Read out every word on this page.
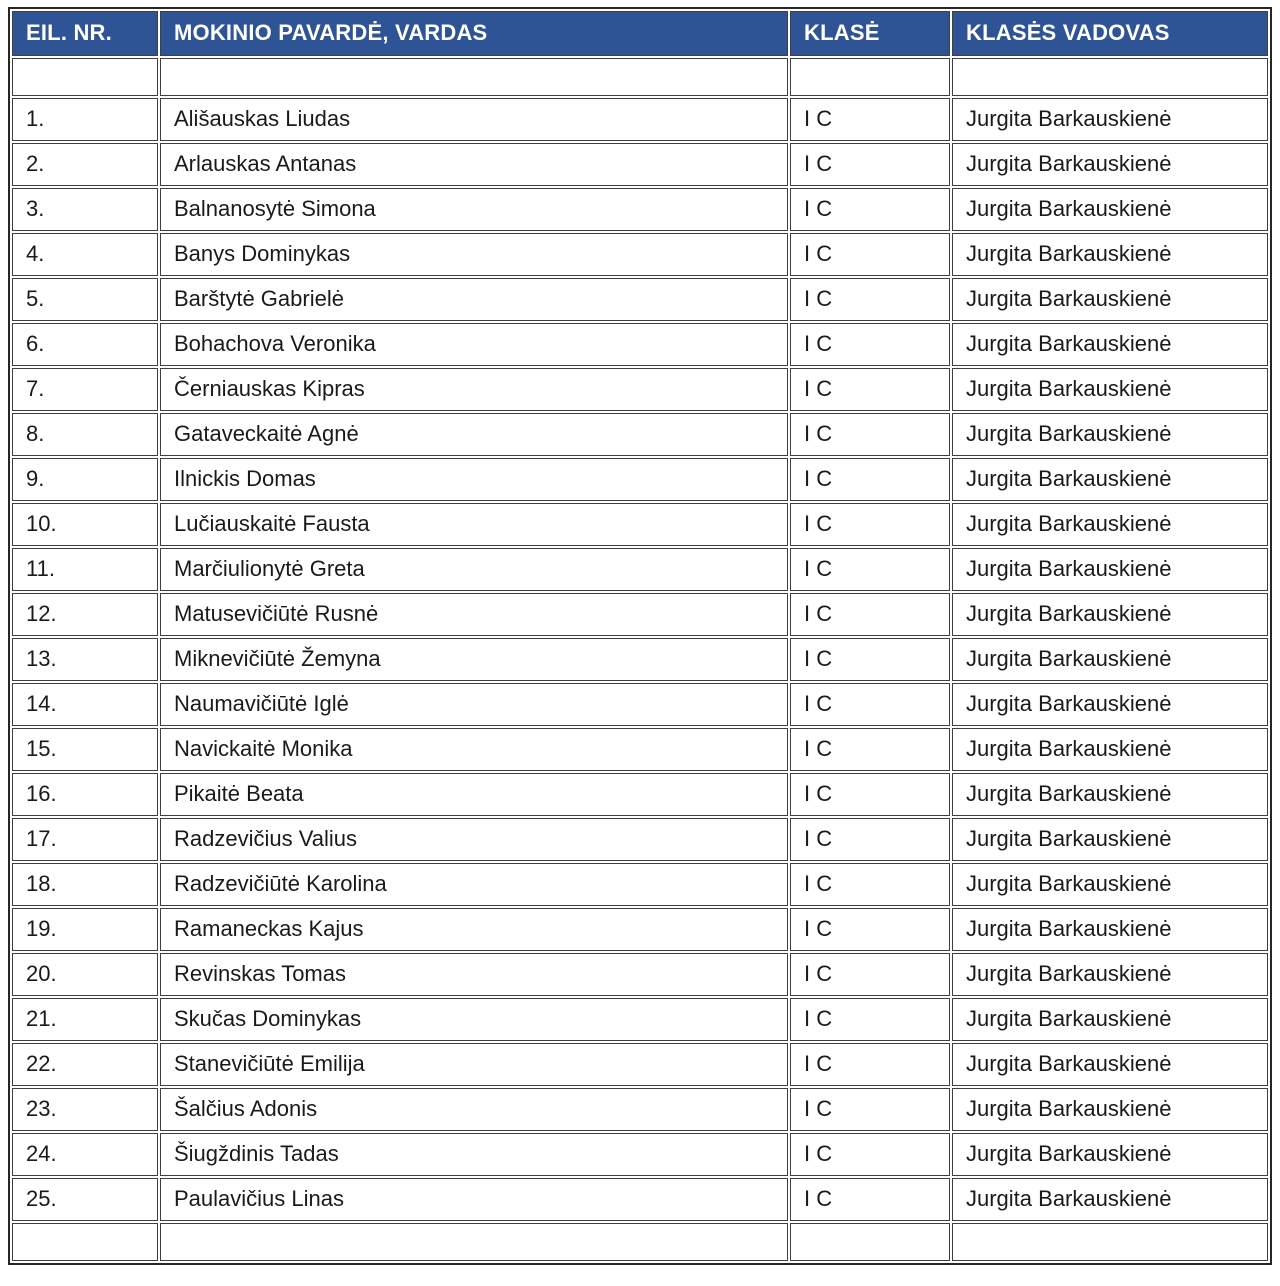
EIL. NR.	MOKINIO PAVARDĖ, VARDAS	KLASĖ	KLASĖS VADOVAS

1.	Ališauskas Liudas	I C	Jurgita Barkauskienė
2.	Arlauskas Antanas	I C	Jurgita Barkauskienė
3.	Balnanosytė Simona	I C	Jurgita Barkauskienė
4.	Banys Dominykas	I C	Jurgita Barkauskienė
5.	Barštytė Gabrielė	I C	Jurgita Barkauskienė
6.	Bohachova Veronika	I C	Jurgita Barkauskienė
7.	Černiauskas Kipras	I C	Jurgita Barkauskienė
8.	Gataveckaitė Agnė	I C	Jurgita Barkauskienė
9.	Ilnickis Domas	I C	Jurgita Barkauskienė
10.	Lučiauskaitė Fausta	I C	Jurgita Barkauskienė
11.	Marčiulionytė Greta	I C	Jurgita Barkauskienė
12.	Matusevičiūtė Rusnė	I C	Jurgita Barkauskienė
13.	Miknevičiūtė Žemyna	I C	Jurgita Barkauskienė
14.	Naumavičiūtė Iglė	I C	Jurgita Barkauskienė
15.	Navickaitė Monika	I C	Jurgita Barkauskienė
16.	Pikaitė Beata	I C	Jurgita Barkauskienė
17.	Radzevičius Valius	I C	Jurgita Barkauskienė
18.	Radzevičiūtė Karolina	I C	Jurgita Barkauskienė
19.	Ramaneckas Kajus	I C	Jurgita Barkauskienė
20.	Revinskas Tomas	I C	Jurgita Barkauskienė
21.	Skučas Dominykas	I C	Jurgita Barkauskienė
22.	Stanevičiūtė Emilija	I C	Jurgita Barkauskienė
23.	Šalčius Adonis	I C	Jurgita Barkauskienė
24.	Šiugždinis Tadas	I C	Jurgita Barkauskienė
25.	Paulavičius Linas	I C	Jurgita Barkauskienė
